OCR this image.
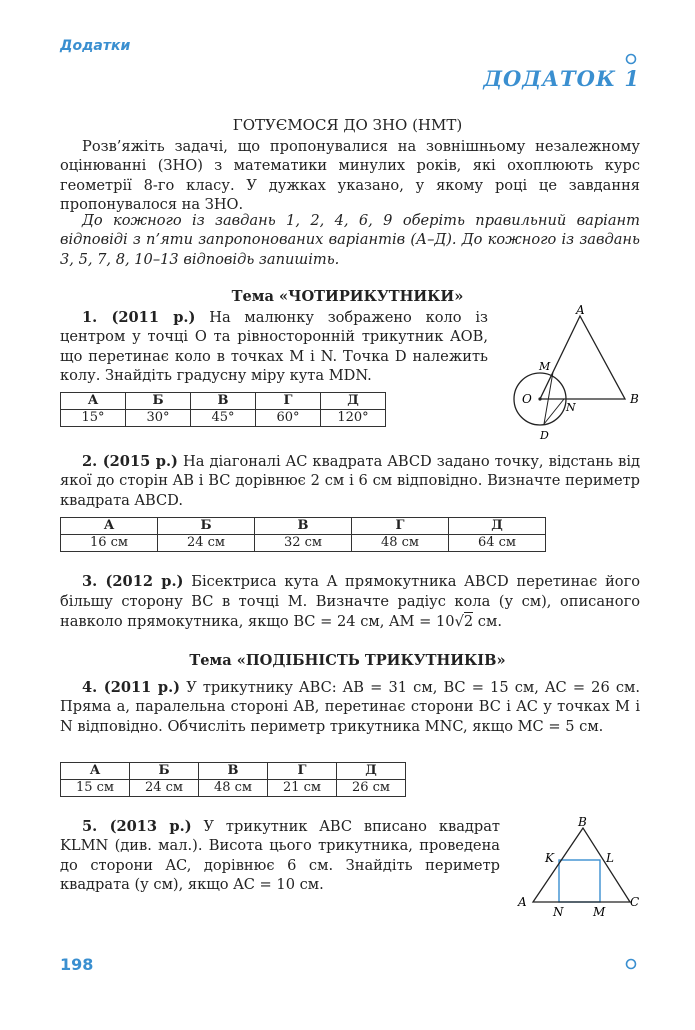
Додатки
ДОДАТОК 1
ГОТУЄМОСЯ ДО ЗНО (НМТ)
Розв’яжіть задачі, що пропонувалися на зовнішньому незалежному оцінюванні (ЗНО) з математики минулих років, які охоплюють курс геометрії 8-го класу. У дужках указано, у якому році це завдання пропонувалося на ЗНО.
До кожного із завдань 1, 2, 4, 6, 9 оберіть правильний варіант відповіді з п’яти запропонованих варіантів (А–Д). До кожного із завдань 3, 5, 7, 8, 10–13 відповідь запишіть.
Тема «ЧОТИРИКУТНИКИ»
1. (2011 р.) На малюнку зображено коло із центром у точці O та рівносторонній трикутник AOB, що перетинає коло в точках M і N. Точка D належить колу. Знайдіть градусну міру кута MDN.
А	Б	В	Г	Д
15°	30°	45°	60°	120°
A
O	B
M
N
D
2. (2015 р.) На діагоналі AC квадрата ABCD задано точку, відстань від якої до сторін AB і BC дорівнює 2 см і 6 см відповідно. Визначте периметр квадрата ABCD.
А	Б	В	Г	Д
16 см	24 см	32 см	48 см	64 см
3. (2012 р.) Бісектриса кута A прямокутника ABCD перетинає його більшу сторону BC в точці M. Визначте радіус кола (у см), описаного навколо прямокутника, якщо BC = 24 см, AM = 10√2 см.
Тема «ПОДІБНІСТЬ ТРИКУТНИКІВ»
4. (2011 р.) У трикутнику ABC: AB = 31 см, BC = 15 см, AC = 26 см. Пряма a, паралельна стороні AB, перетинає сторони BC і AC у точках M і N відповідно. Обчисліть периметр трикутника MNC, якщо MC = 5 см.
А	Б	В	Г	Д
15 см	24 см	48 см	21 см	26 см
5. (2013 р.) У трикутник ABC вписано квадрат KLMN (див. мал.). Висота цього трикутника, проведена до сторони AC, дорівнює 6 см. Знайдіть периметр квадрата (у см), якщо AC = 10 см.
B
A	C
K	L
N M
198
